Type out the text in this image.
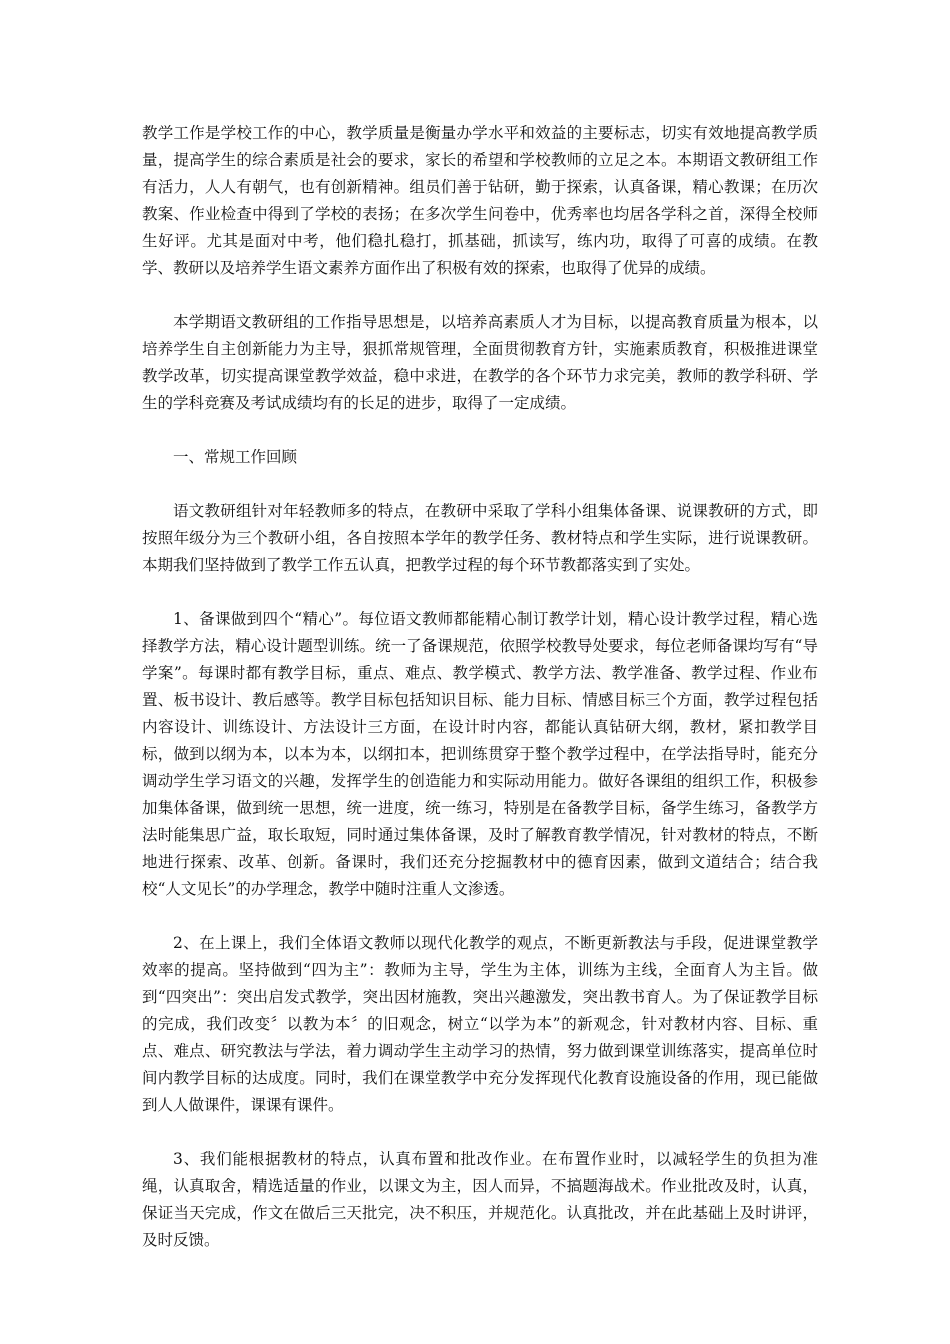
教学工作是学校工作的中心，教学质量是衡量办学水平和效益的主要标志，切实有效地提高教学质量，提高学生的综合素质是社会的要求，家长的希望和学校教师的立足之本。本期语文教研组工作有活力，人人有朝气，也有创新精神。组员们善于钻研，勤于探索，认真备课，精心教课；在历次教案、作业检查中得到了学校的表扬；在多次学生问卷中，优秀率也均居各学科之首，深得全校师生好评。尤其是面对中考，他们稳扎稳打，抓基础，抓读写，练内功，取得了可喜的成绩。在教学、教研以及培养学生语文素养方面作出了积极有效的探索，也取得了优异的成绩。

本学期语文教研组的工作指导思想是，以培养高素质人才为目标，以提高教育质量为根本，以培养学生自主创新能力为主导，狠抓常规管理，全面贯彻教育方针，实施素质教育，积极推进课堂教学改革，切实提高课堂教学效益，稳中求进，在教学的各个环节力求完美，教师的教学科研、学生的学科竞赛及考试成绩均有的长足的进步，取得了一定成绩。

一、常规工作回顾

语文教研组针对年轻教师多的特点，在教研中采取了学科小组集体备课、说课教研的方式，即按照年级分为三个教研小组，各自按照本学年的教学任务、教材特点和学生实际，进行说课教研。本期我们坚持做到了教学工作五认真，把教学过程的每个环节教都落实到了实处。

1、备课做到四个“精心”。每位语文教师都能精心制订教学计划，精心设计教学过程，精心选择教学方法，精心设计题型训练。统一了备课规范，依照学校教导处要求，每位老师备课均写有“导学案”。每课时都有教学目标，重点、难点、教学模式、教学方法、教学准备、教学过程、作业布置、板书设计、教后感等。教学目标包括知识目标、能力目标、情感目标三个方面，教学过程包括内容设计、训练设计、方法设计三方面，在设计时内容，都能认真钻研大纲，教材，紧扣教学目标，做到以纲为本，以本为本，以纲扣本，把训练贯穿于整个教学过程中，在学法指导时，能充分调动学生学习语文的兴趣，发挥学生的创造能力和实际动用能力。做好各课组的组织工作，积极参加集体备课，做到统一思想，统一进度，统一练习，特别是在备教学目标，备学生练习，备教学方法时能集思广益，取长取短，同时通过集体备课，及时了解教育教学情况，针对教材的特点，不断地进行探索、改革、创新。备课时，我们还充分挖掘教材中的德育因素，做到文道结合；结合我校“人文见长”的办学理念，教学中随时注重人文渗透。

2、在上课上，我们全体语文教师以现代化教学的观点，不断更新教法与手段，促进课堂教学效率的提高。坚持做到“四为主”：教师为主导，学生为主体，训练为主线，全面育人为主旨。做到“四突出”：突出启发式教学，突出因材施教，突出兴趣激发，突出教书育人。为了保证教学目标的完成，我们改变〞以教为本〞的旧观念，树立“以学为本”的新观念，针对教材内容、目标、重点、难点、研究教法与学法，着力调动学生主动学习的热情，努力做到课堂训练落实，提高单位时间内教学目标的达成度。同时，我们在课堂教学中充分发挥现代化教育设施设备的作用，现已能做到人人做课件，课课有课件。

3、我们能根据教材的特点，认真布置和批改作业。在布置作业时，以减轻学生的负担为准绳，认真取舍，精选适量的作业，以课文为主，因人而异，不搞题海战术。作业批改及时，认真，保证当天完成，作文在做后三天批完，决不积压，并规范化。认真批改，并在此基础上及时讲评，及时反馈。
